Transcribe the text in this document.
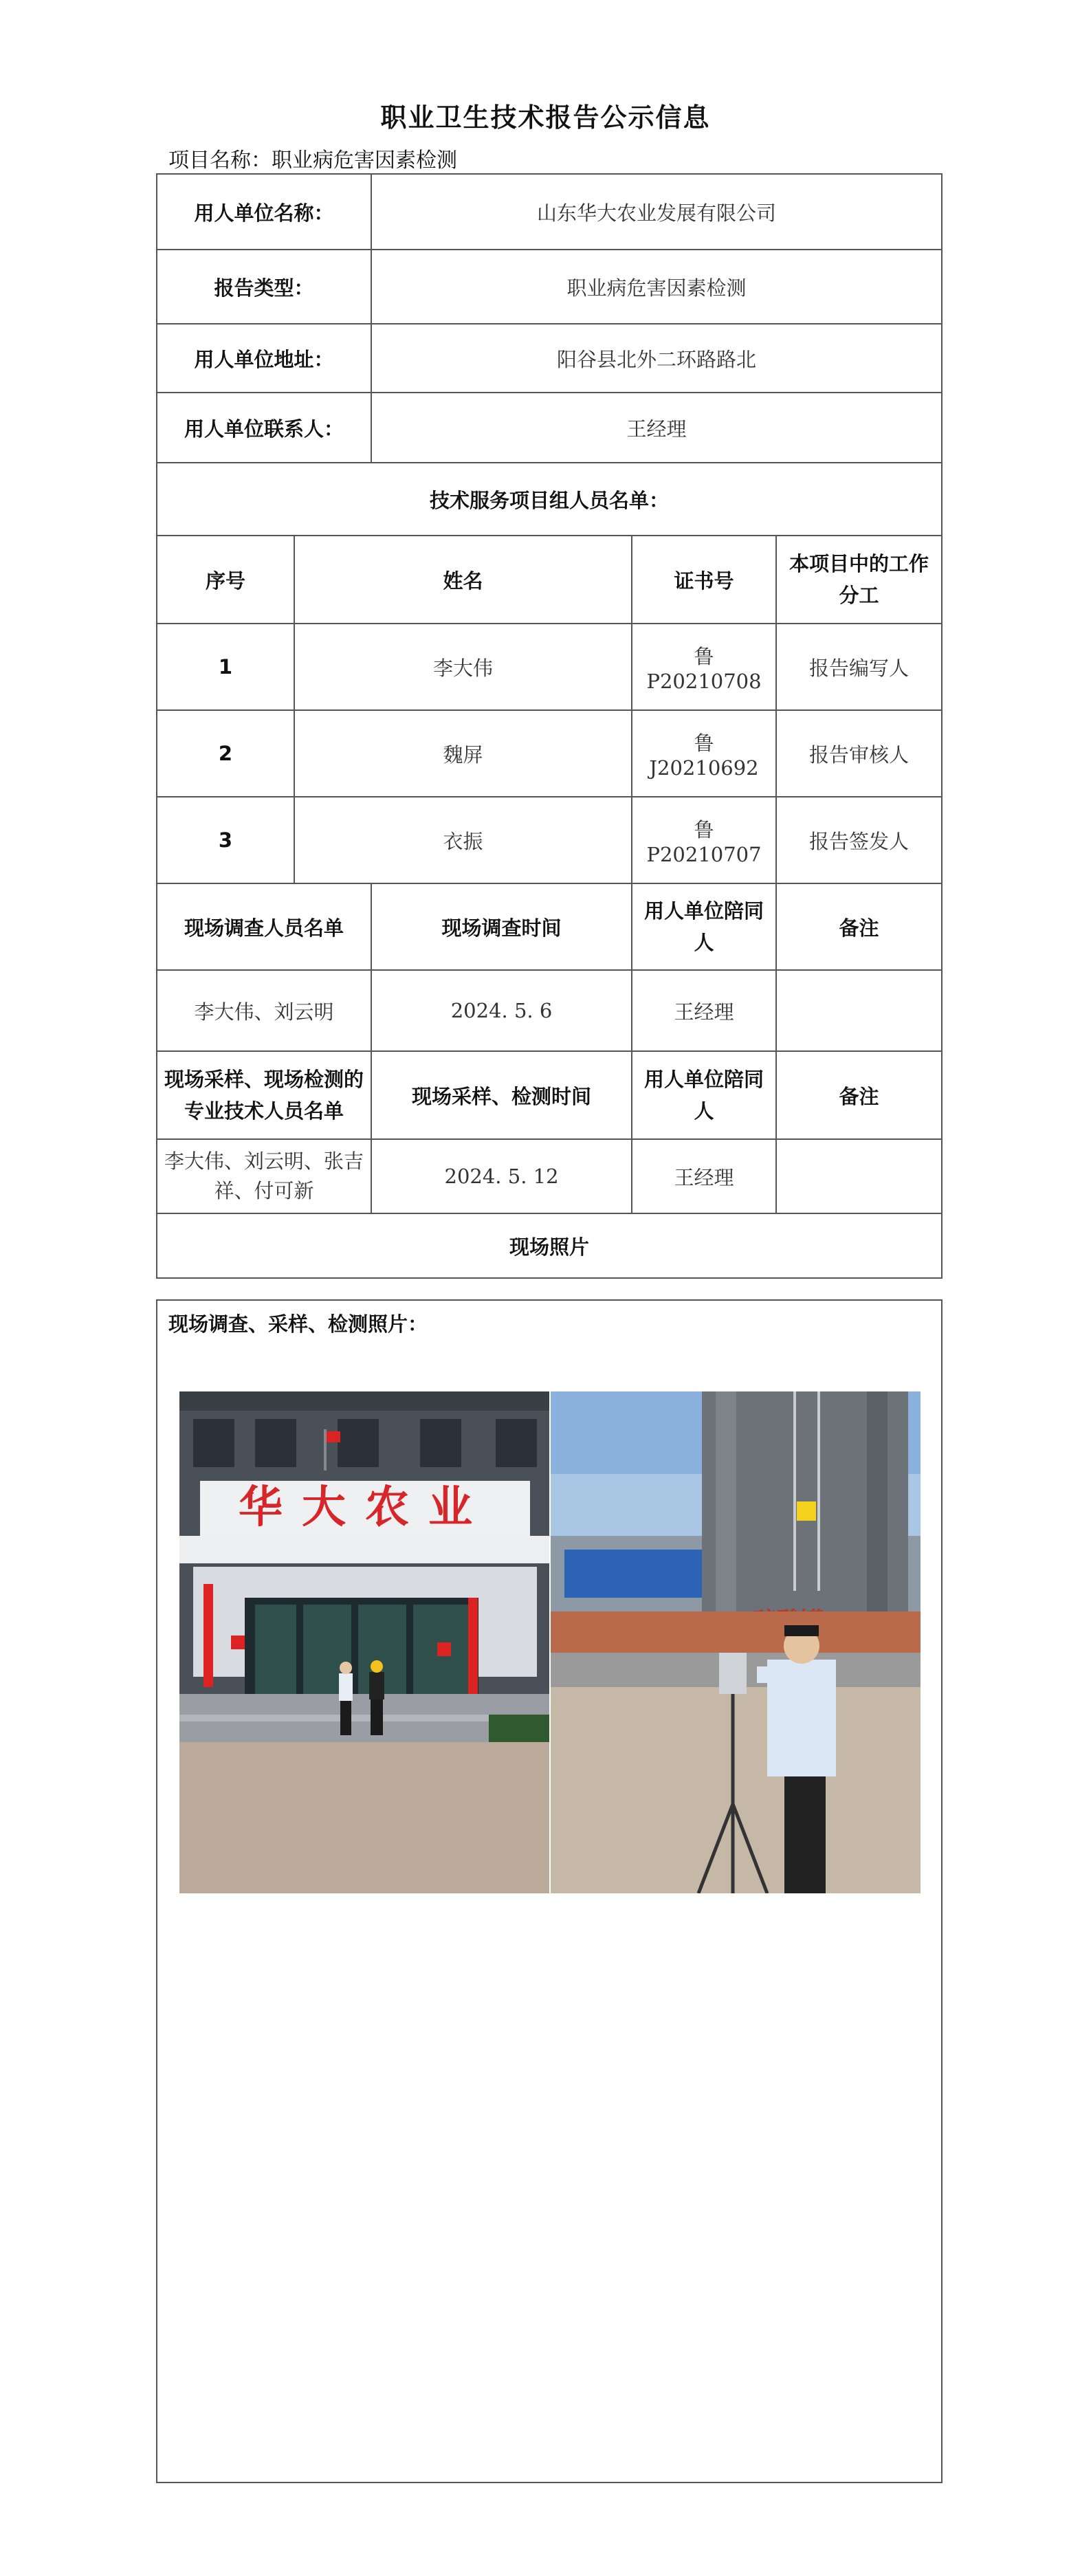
职业卫生技术报告公示信息
项目名称：职业病危害因素检测
用人单位名称：		山东华大农业发展有限公司		
报告类型：		职业病危害因素检测		
用人单位地址：		阳谷县北外二环路路北		
用人单位联系人：		王经理		
技术服务项目组人员名单：				
序号	姓名		证书号	本项目中的工作分工
1	李大伟		鲁 P20210708	报告编写人
2	魏屏		鲁 J20210692	报告审核人
3	衣振		鲁 P20210707	报告签发人
现场调查人员名单		现场调查时间	用人单位陪同人	备注
李大伟、刘云明		2024. 5. 6	王经理	
现场采样、现场检测的专业技术人员名单		现场采样、检测时间	用人单位陪同人	备注
李大伟、刘云明、张吉祥、付可新		2024. 5. 12	王经理	
现场照片				
现场调查、采样、检测照片：
华大农业
